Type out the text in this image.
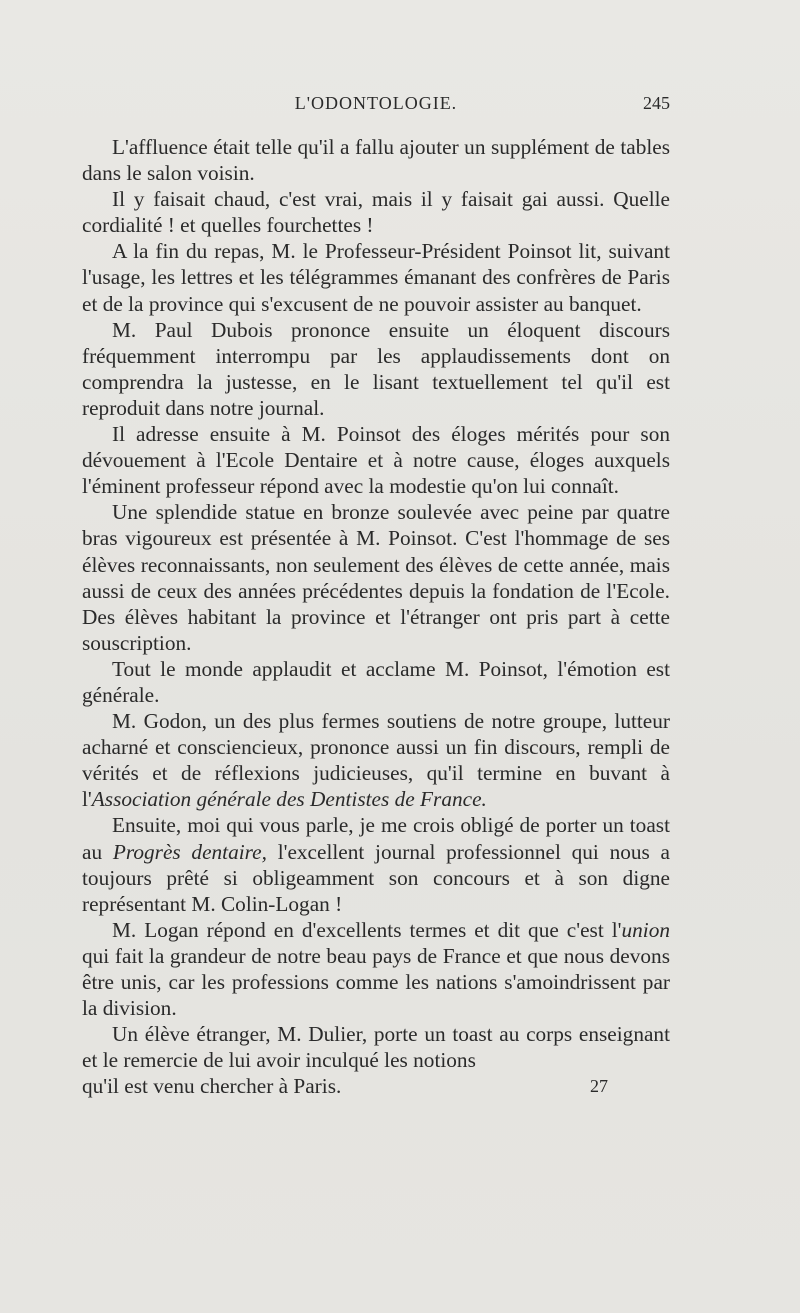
L'ODONTOLOGIE.	245

L'affluence était telle qu'il a fallu ajouter un supplément de tables dans le salon voisin.

Il y faisait chaud, c'est vrai, mais il y faisait gai aussi. Quelle cordialité ! et quelles fourchettes !

A la fin du repas, M. le Professeur-Président Poinsot lit, suivant l'usage, les lettres et les télégrammes émanant des confrères de Paris et de la province qui s'excusent de ne pouvoir assister au banquet.

M. Paul Dubois prononce ensuite un éloquent discours fréquemment interrompu par les applaudissements dont on comprendra la justesse, en le lisant textuellement tel qu'il est reproduit dans notre journal.

Il adresse ensuite à M. Poinsot des éloges mérités pour son dévouement à l'Ecole Dentaire et à notre cause, éloges auxquels l'éminent professeur répond avec la modestie qu'on lui connaît.

Une splendide statue en bronze soulevée avec peine par quatre bras vigoureux est présentée à M. Poinsot. C'est l'hommage de ses élèves reconnaissants, non seulement des élèves de cette année, mais aussi de ceux des années précédentes depuis la fondation de l'Ecole. Des élèves habitant la province et l'étranger ont pris part à cette souscription.

Tout le monde applaudit et acclame M. Poinsot, l'émotion est générale.

M. Godon, un des plus fermes soutiens de notre groupe, lutteur acharné et consciencieux, prononce aussi un fin discours, rempli de vérités et de réflexions judicieuses, qu'il termine en buvant à l'Association générale des Dentistes de France.

Ensuite, moi qui vous parle, je me crois obligé de porter un toast au Progrès dentaire, l'excellent journal professionnel qui nous a toujours prêté si obligeamment son concours et à son digne représentant M. Colin-Logan !

M. Logan répond en d'excellents termes et dit que c'est l'union qui fait la grandeur de notre beau pays de France et que nous devons être unis, car les professions comme les nations s'amoindrissent par la division.

Un élève étranger, M. Dulier, porte un toast au corps enseignant et le remercie de lui avoir inculqué les notions

qu'il est venu chercher à Paris.	27
